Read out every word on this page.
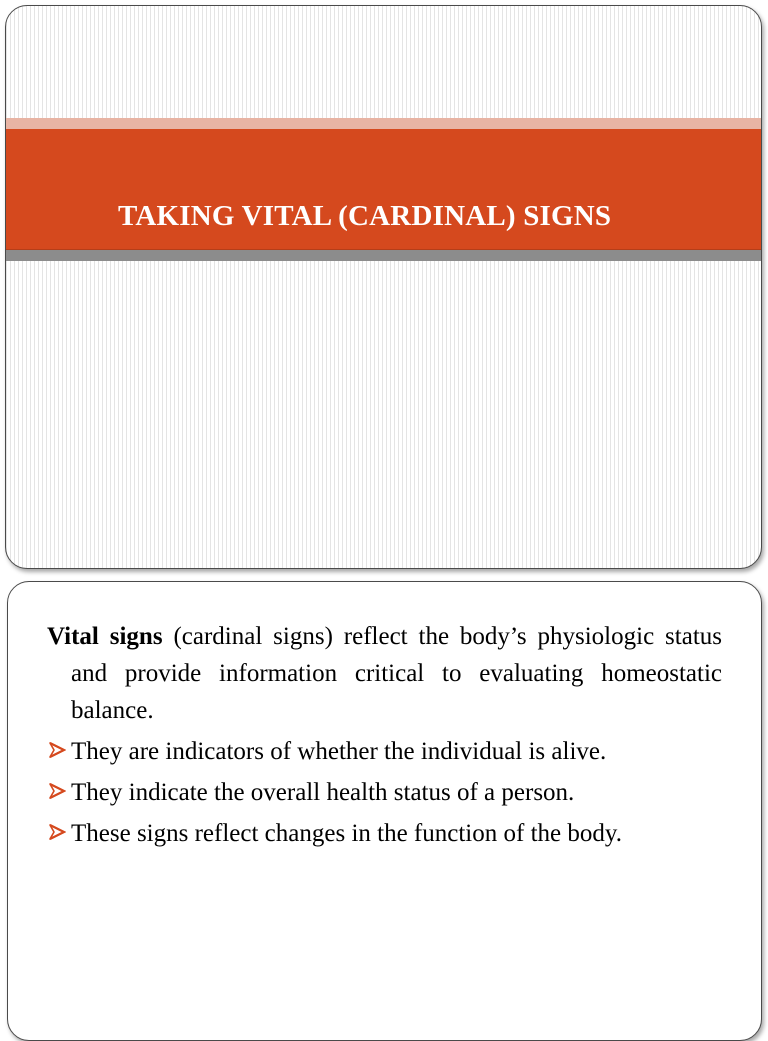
TAKING VITAL (CARDINAL) SIGNS

Vital signs (cardinal signs) reflect the body’s physiologic status and provide information critical to evaluating homeostatic balance.

They are indicators of whether the individual is alive.

They indicate the overall health status of a person.

These signs reflect changes in the function of the body.
